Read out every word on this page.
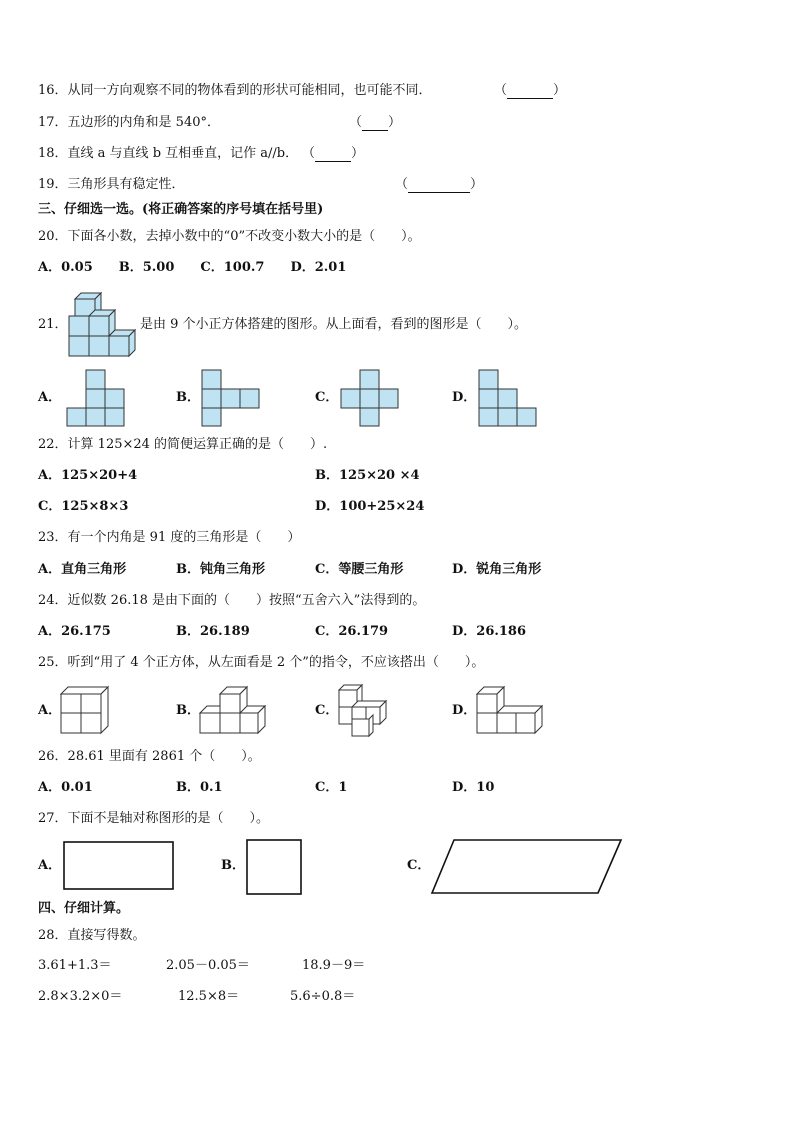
16．从同一方向观察不同的物体看到的形状可能相同，也可能不同．	（	）
17．五边形的内角和是 540°．	（ ）
18．直线 a 与直线 b 互相垂直，记作 a//b． （	）
19．三角形具有稳定性．	（	）
三、仔细选一选。(将正确答案的序号填在括号里)
20．下面各小数，去掉小数中的“0”不改变小数大小的是（　　）。
A．0.05　　B．5.00　　C．100.7　　D．2.01
21．	是由 9 个小正方体搭建的图形。从上面看，看到的图形是（　　）。
A．	B．	C．	D．
22．计算 125×24 的简便运算正确的是（　　）.
A．125×20+4	B．125×20 ×4
C．125×8×3	D．100+25×24
23．有一个内角是 91 度的三角形是（　　）
A．直角三角形	B．钝角三角形	C．等腰三角形	D．锐角三角形
24．近似数 26.18 是由下面的（　　）按照“五舍六入”法得到的。
A．26.175	B．26.189	C．26.179	D．26.186
25．听到“用了 4 个正方体，从左面看是 2 个”的指令，不应该搭出（　　）。
A．	B．	C．	D．
26．28.61 里面有 2861 个（　　）。
A．0.01	B．0.1	C．1	D．10
27．下面不是轴对称图形的是（　　）。
A．	B．	C．
四、仔细计算。
28．直接写得数。
3.61+1.3＝	2.05－0.05＝	18.9－9＝
2.8×3.2×0＝	12.5×8＝	5.6÷0.8＝
